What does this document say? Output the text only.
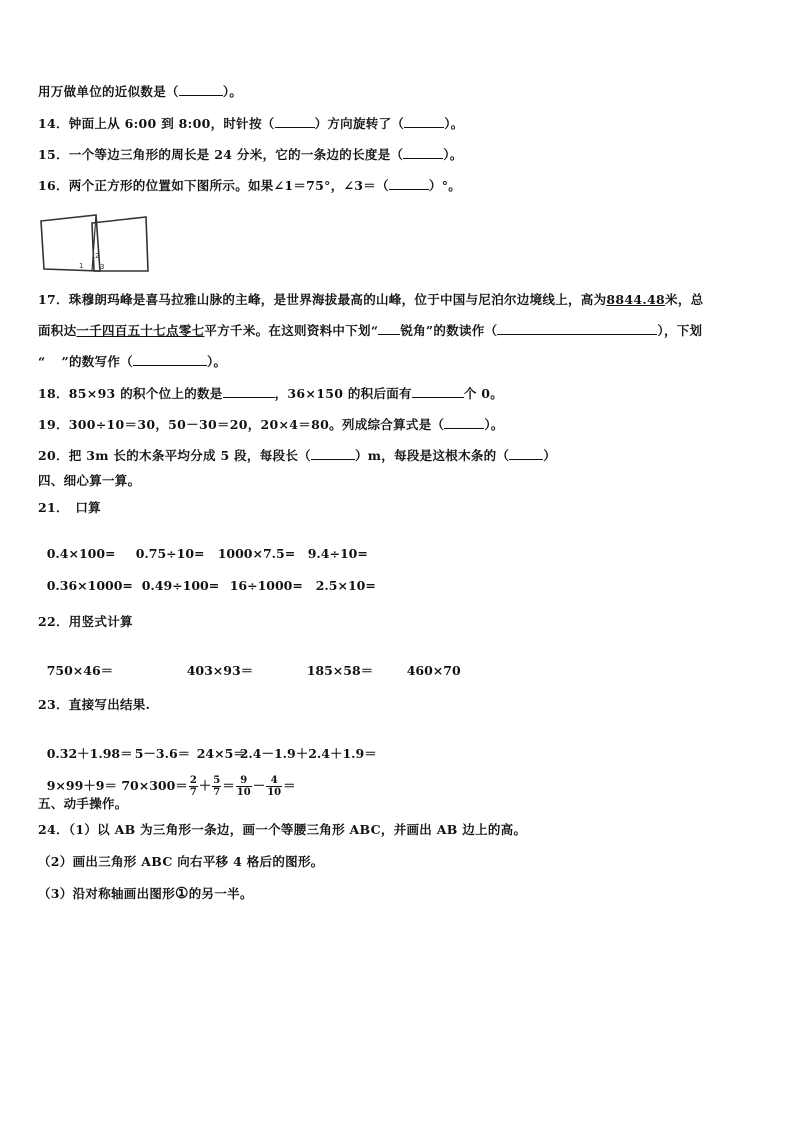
用万做单位的近似数是（	）。
14．钟面上从 6:00 到 8:00，时针按（	）方向旋转了（	）。
15．一个等边三角形的周长是 24 分米，它的一条边的长度是（	）。
16．两个正方形的位置如下图所示。如果∠1＝75°，∠3＝（	）°。
1
2
3
17．珠穆朗玛峰是喜马拉雅山脉的主峰，是世界海拔最高的山峰，位于中国与尼泊尔边境线上，高为8844.48米，总
面积达一千四百五十七点零七平方千米。在这则资料中下划“ 锐角”的数读作（	），下划
“ ”的数写作（	）。
18．85×93 的积个位上的数是	，36×150 的积后面有	个 0。
19．300÷10＝30，50－30＝20，20×4＝80。列成综合算式是（	）。
20．把 3m 长的木条平均分成 5 段，每段长（	）m，每段是这根木条的（	）
四、细心算一算。
21．　口算

0.4×100= 0.75÷10= 1000×7.5= 9.4÷10=

0.36×1000= 0.49÷100= 16÷1000= 2.5×10=

22．用竖式计算

750×46＝	403×93＝	185×58＝	460×70

23．直接写出结果.

0.32＋1.98＝ 5－3.6＝ 24×5＝2.4－1.9＋2.4＋1.9＝

$9\times 99+9= 70\times 300= \frac{2}{7} + \frac{5}{7} = \frac{9}{10} - \frac{4}{10}$ ＝

五、动手操作。
24．（1）以 AB 为三角形一条边，画一个等腰三角形 ABC，并画出 AB 边上的高。
（2）画出三角形 ABC 向右平移 4 格后的图形。
（3）沿对称轴画出图形①的另一半。
